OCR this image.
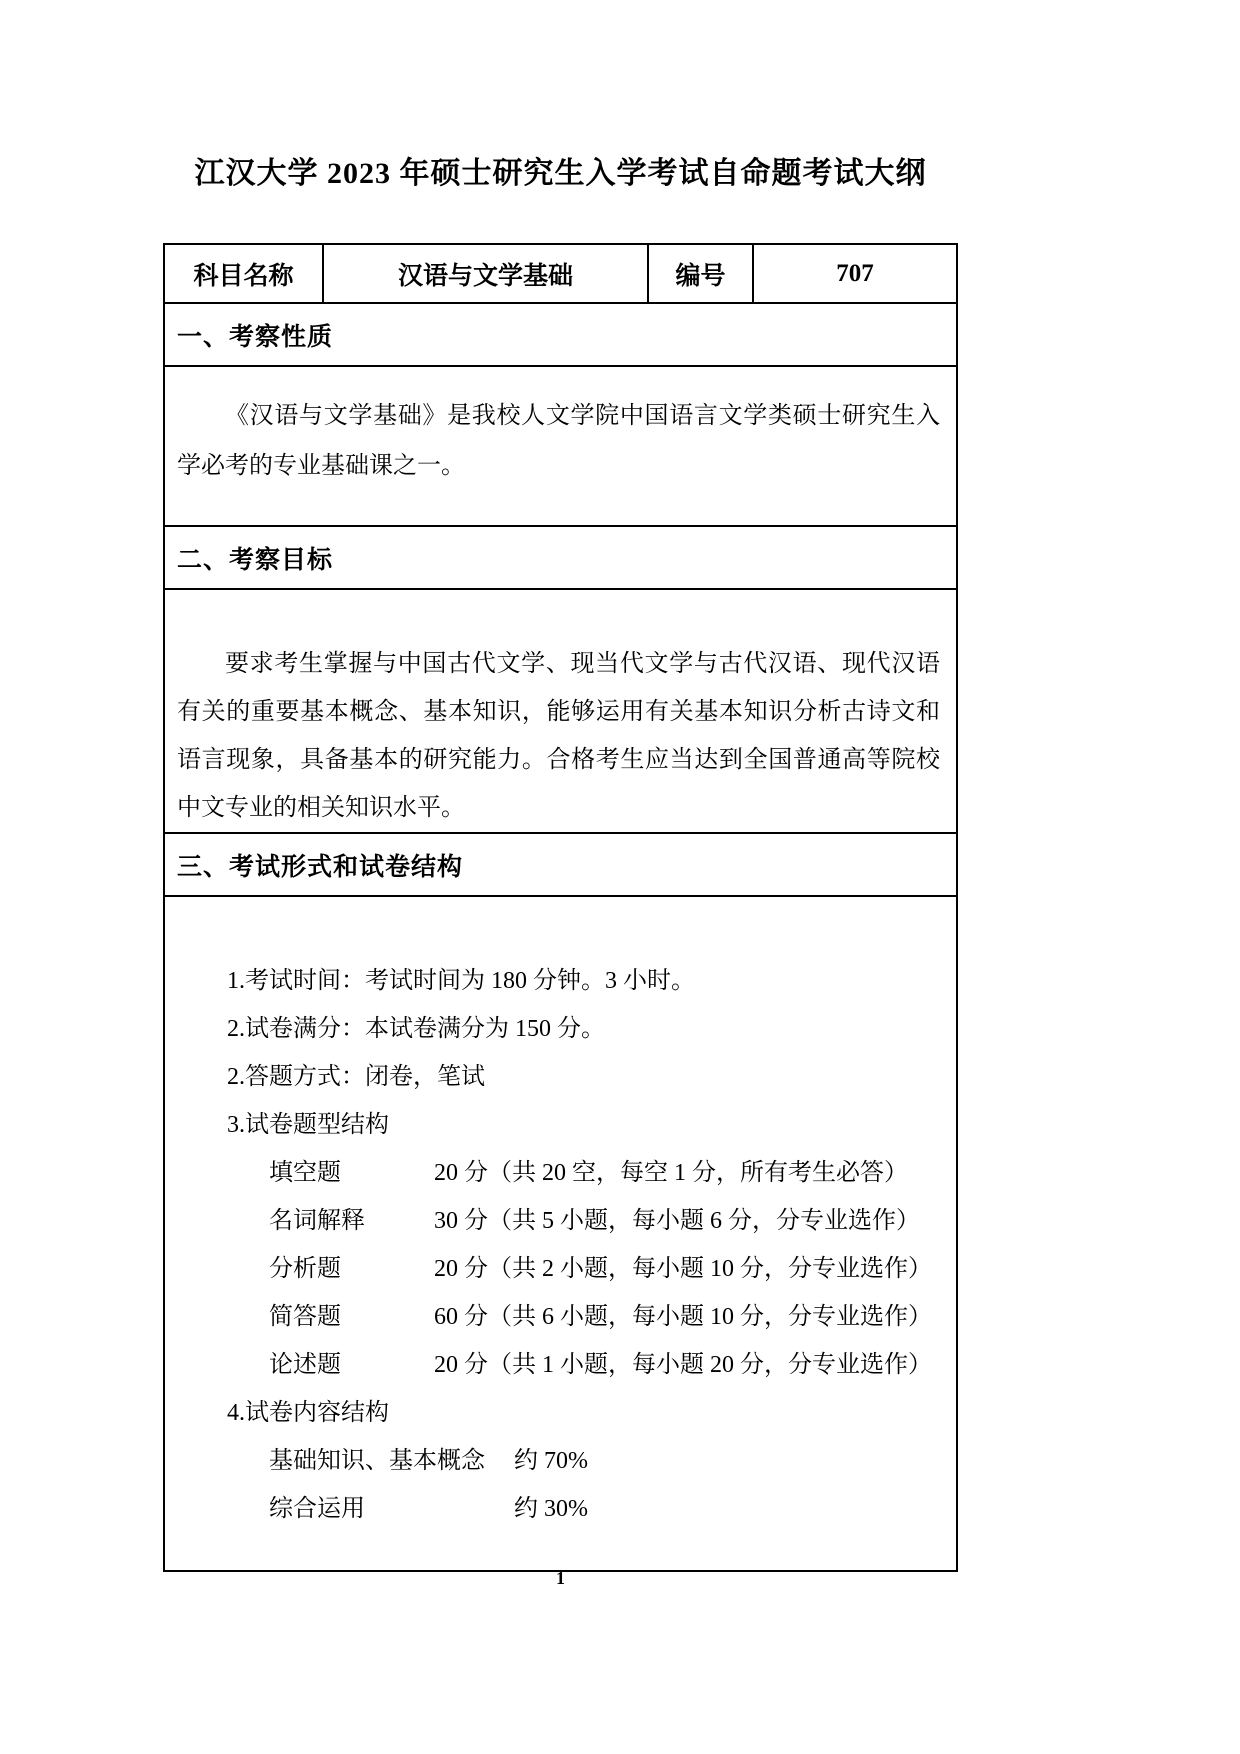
江汉大学 2023 年硕士研究生入学考试自命题考试大纲
科目名称	汉语与文学基础	编号	707
一、考察性质

《汉语与文学基础》是我校人文学院中国语言文学类硕士研究生入学必考的专业基础课之一。

二、考察目标

要求考生掌握与中国古代文学、现当代文学与古代汉语、现代汉语有关的重要基本概念、基本知识，能够运用有关基本知识分析古诗文和语言现象，具备基本的研究能力。合格考生应当达到全国普通高等院校中文专业的相关知识水平。

三、考试形式和试卷结构
1.考试时间：考试时间为 180 分钟。3 小时。
2.试卷满分：本试卷满分为 150 分。
2.答题方式：闭卷，笔试
3.试卷题型结构
填空题	20 分（共 20 空，每空 1 分，所有考生必答）
名词解释	30 分（共 5 小题，每小题 6 分，分专业选作）
分析题	20 分（共 2 小题，每小题 10 分，分专业选作）
简答题	60 分（共 6 小题，每小题 10 分，分专业选作）
论述题	20 分（共 1 小题，每小题 20 分，分专业选作）
4.试卷内容结构
基础知识、基本概念	约 70%
综合运用	约 30%
1
